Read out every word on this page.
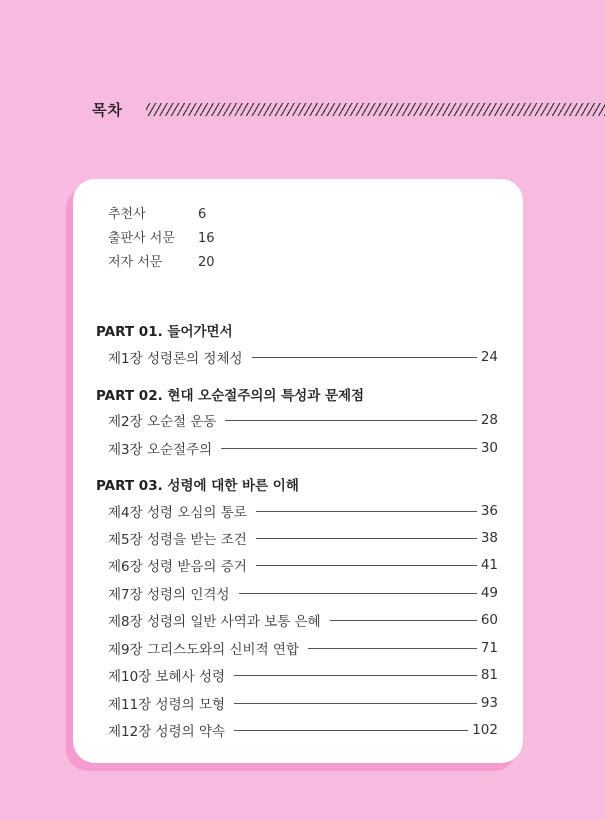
목차
추천사	6
출판사 서문	16
저자 서문	20
PART 01. 들어가면서
제1장 성령론의 정체성	24
PART 02. 현대 오순절주의의 특성과 문제점
제2장 오순절 운동	28
제3장 오순절주의	30
PART 03. 성령에 대한 바른 이해
제4장 성령 오심의 통로	36
제5장 성령을 받는 조건	38
제6장 성령 받음의 증거	41
제7장 성령의 인격성	49
제8장 성령의 일반 사역과 보통 은혜	60
제9장 그리스도와의 신비적 연합	71
제10장 보혜사 성령	81
제11장 성령의 모형	93
제12장 성령의 약속	102
